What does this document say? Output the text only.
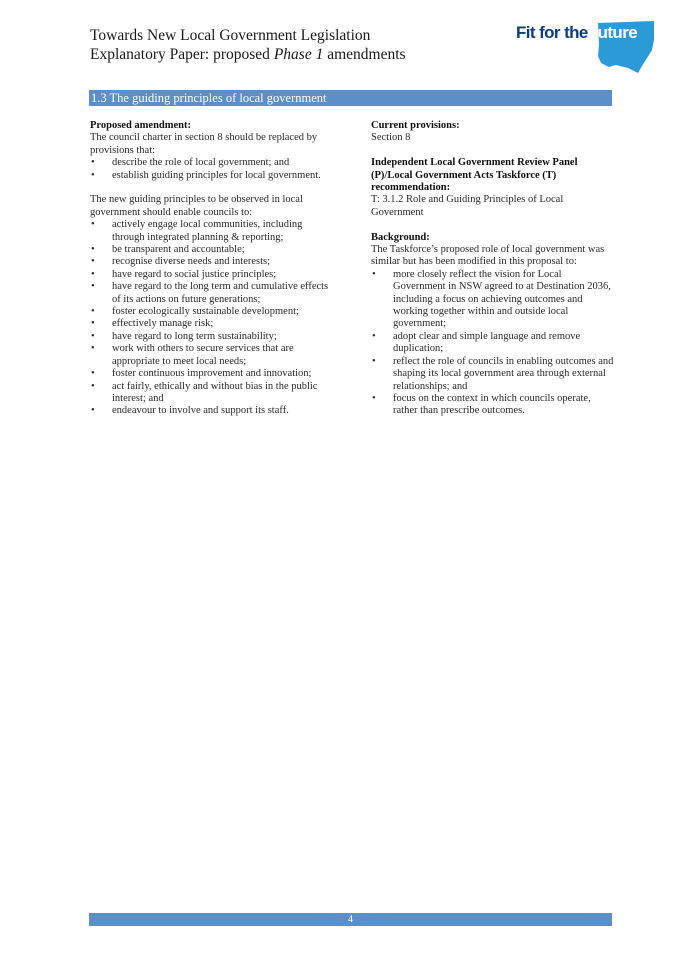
Towards New Local Government Legislation
Explanatory Paper: proposed Phase 1 amendments
Fit for theFuture
1.3 The guiding principles of local government
Proposed amendment:

The council charter in section 8 should be replaced by provisions that:

• describe the role of local government; and
• establish guiding principles for local government.

The new guiding principles to be observed in local government should enable councils to:

• actively engage local communities, including through integrated planning & reporting;
• be transparent and accountable;
• recognise diverse needs and interests;
• have regard to social justice principles;
• have regard to the long term and cumulative effects of its actions on future generations;
• foster ecologically sustainable development;
• effectively manage risk;
• have regard to long term sustainability;
• work with others to secure services that are appropriate to meet local needs;
• foster continuous improvement and innovation;
• act fairly, ethically and without bias in the public interest; and
• endeavour to involve and support its staff.
Current provisions:

Section 8

Independent Local Government Review Panel (P)/Local Government Acts Taskforce (T) recommendation:

T: 3.1.2 Role and Guiding Principles of Local Government

Background:

The Taskforce’s proposed role of local government was similar but has been modified in this proposal to:

• more closely reflect the vision for Local Government in NSW agreed to at Destination 2036, including a focus on achieving outcomes and working together within and outside local government;
• adopt clear and simple language and remove duplication;
• reflect the role of councils in enabling outcomes and shaping its local government area through external relationships; and
• focus on the context in which councils operate, rather than prescribe outcomes.
4
